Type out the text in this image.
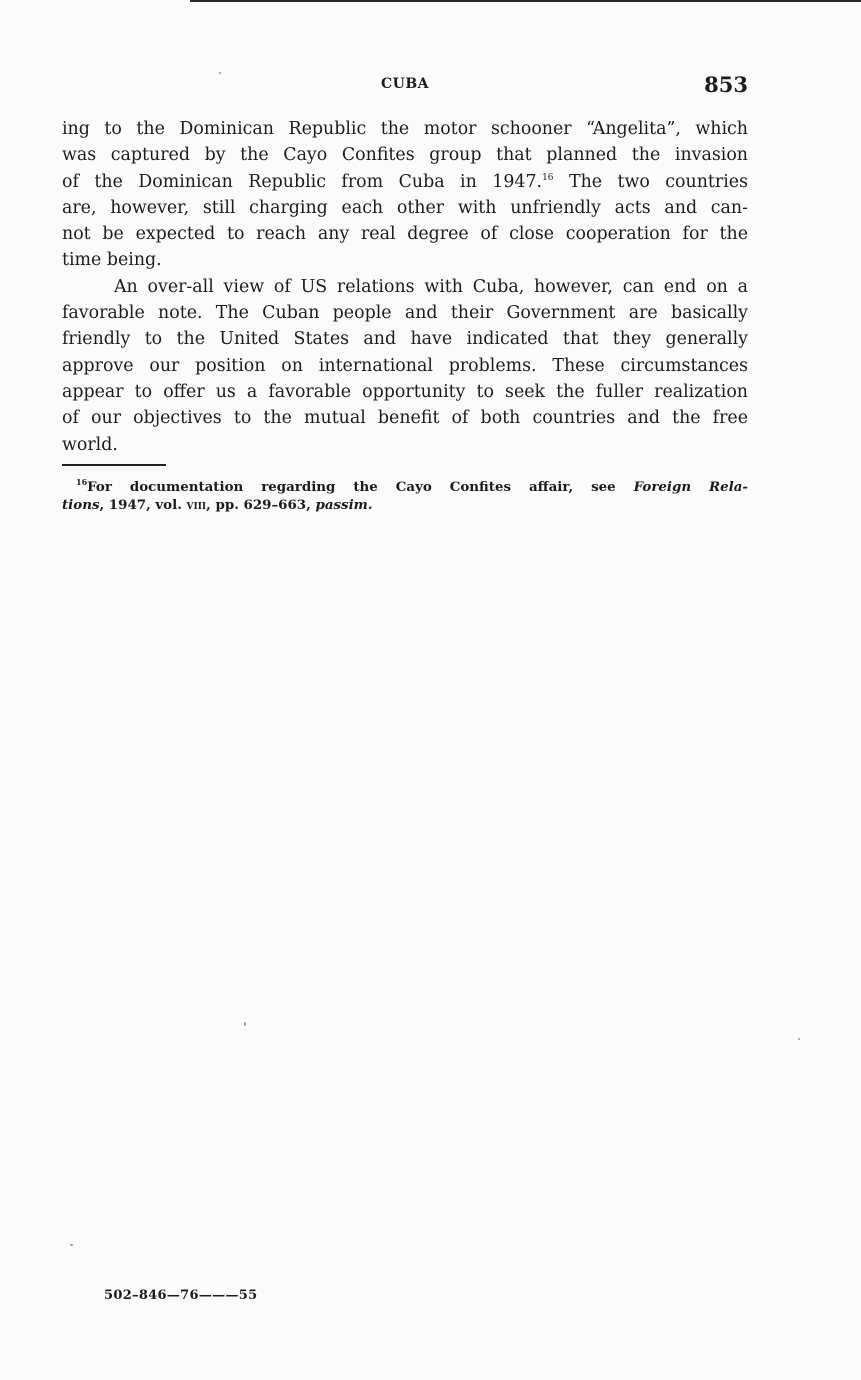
CUBA	853
ing to the Dominican Republic the motor schooner “Angelita”, which
was captured by the Cayo Confites group that planned the invasion
of the Dominican Republic from Cuba in 1947.16 The two countries
are, however, still charging each other with unfriendly acts and can-
not be expected to reach any real degree of close cooperation for the
time being.
An over-all view of US relations with Cuba, however, can end on a
favorable note. The Cuban people and their Government are basically
friendly to the United States and have indicated that they generally
approve our position on international problems. These circumstances
appear to offer us a favorable opportunity to seek the fuller realization
of our objectives to the mutual benefit of both countries and the free
world.
$^{16}$For documentation regarding the Cayo Confites affair, see Foreign Rela-
tions, 1947, vol. viii, pp. 629–663, passim.
502–846—76———55
